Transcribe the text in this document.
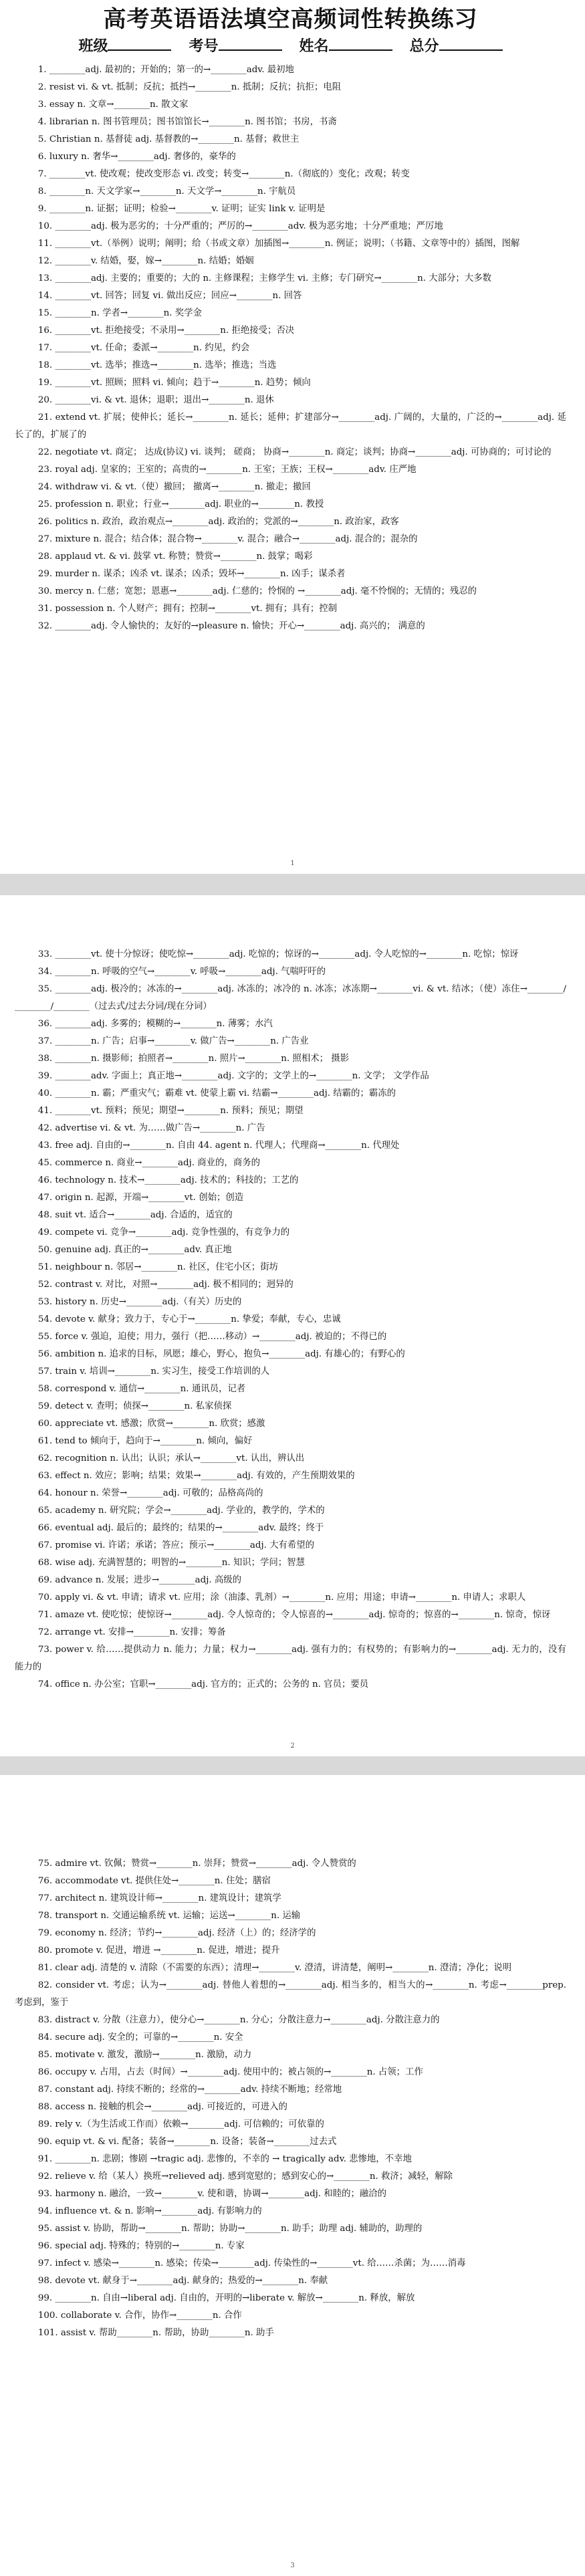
高考英语语法填空高频词性转换练习
班级	考号	姓名	总分
1. ________adj. 最初的；开始的；第一的→________adv. 最初地
2. resist vi. & vt. 抵制；反抗；抵挡→________n. 抵制；反抗；抗拒；电阻
3. essay n. 文章→________n. 散文家
4. librarian n. 图书管理员；图书馆馆长→________n. 图书馆；书房，书斋
5. Christian n. 基督徒 adj. 基督教的→________n. 基督；救世主
6. luxury n. 奢华→________adj. 奢侈的，豪华的
7. ________vt. 使改观；使改变形态 vi. 改变；转变→________n.（彻底的）变化；改观；转变
8. ________n. 天文学家→________n. 天文学→________n. 宇航员
9. ________n. 证据；证明；检验→________v. 证明；证实 link v. 证明是
10. ________adj. 极为恶劣的；十分严重的；严厉的→________adv. 极为恶劣地；十分严重地；严厉地
11. ________vt.（举例）说明；阐明；给（书或文章）加插图→________n. 例证；说明；（书籍、文章等中的）插图，图解
12. ________v. 结婚，娶，嫁→________n. 结婚；婚姻
13. ________adj. 主要的；重要的；大的 n. 主修课程；主修学生 vi. 主修；专门研究→________n. 大部分；大多数
14. ________vt. 回答；回复 vi. 做出反应；回应→________n. 回答
15. ________n. 学者→________n. 奖学金
16. ________vt. 拒绝接受；不录用→________n. 拒绝接受；否决
17. ________vt. 任命；委派→________n. 约见，约会
18. ________vt. 选举；推选→________n. 选举；推选；当选
19. ________vt. 照顾；照料 vi. 倾向；趋于→________n. 趋势；倾向
20. ________vi. & vt. 退休；退职；退出→________n. 退休
21. extend vt. 扩展；使伸长；延长→________n. 延长；延伸；扩建部分→________adj. 广阔的，大量的，广泛的→________adj. 延长了的，扩展了的
22. negotiate vt. 商定； 达成(协议) vi. 谈判； 磋商； 协商→________n. 商定；谈判；协商→________adj. 可协商的；可讨论的
23. royal adj. 皇家的；王室的；高贵的→________n. 王室；王族；王权→________adv. 庄严地
24. withdraw vi. & vt.（使）撤回； 撤离→________n. 撤走；撤回
25. profession n. 职业；行业→________adj. 职业的→________n. 教授
26. politics n. 政治，政治观点→________adj. 政治的；党派的→________n. 政治家，政客
27. mixture n. 混合；结合体；混合物→________v. 混合；融合→________adj. 混合的；混杂的
28. applaud vt. & vi. 鼓掌 vt. 称赞；赞赏→________n. 鼓掌；喝彩
29. murder n. 谋杀；凶杀 vt. 谋杀；凶杀；毁坏→________n. 凶手；谋杀者
30. mercy n. 仁慈；宽恕；恩惠→________adj. 仁慈的；怜悯的 →________adj. 毫不怜悯的；无情的；残忍的
31. possession n. 个人财产；拥有；控制→________vt. 拥有；具有；控制
32. ________adj. 令人愉快的；友好的→pleasure n. 愉快；开心→________adj. 高兴的； 满意的
1
33. ________vt. 使十分惊讶；使吃惊→________adj. 吃惊的；惊讶的→________adj. 令人吃惊的→________n. 吃惊；惊讶
34. ________n. 呼吸的空气→________v. 呼吸→________adj. 气喘吁吁的
35. ________adj. 极冷的；冰冻的→________adj. 冰冻的；冰冷的 n. 冰冻；冰冻期→________vi. & vt. 结冰；（使）冻住→________/________/________（过去式/过去分词/现在分词）
36. ________adj. 多雾的；模糊的→________n. 薄雾；水汽
37. ________n. 广告；启事→________v. 做广告→________n. 广告业
38. ________n. 摄影师；拍照者→________n. 照片→________n. 照相术； 摄影
39. ________adv. 字面上；真正地→________adj. 文字的；文学上的→________n. 文学； 文学作品
40. ________n. 霸；严重灾气；霸难 vt. 使蒙上霸 vi. 结霸→________adj. 结霸的；霸冻的
41. ________vt. 预料；预见；期望→________n. 预料；预见；期望
42. advertise vi. & vt. 为……做广告→________n. 广告
43. free adj. 自由的→________n. 自由 44. agent n. 代理人；代理商→________n. 代理处
45. commerce n. 商业→________adj. 商业的，商务的
46. technology n. 技术→________adj. 技术的；科技的；工艺的
47. origin n. 起源，开端→________vt. 创始；创造
48. suit vt. 适合→________adj. 合适的，适宜的
49. compete vi. 竞争→________adj. 竞争性强的，有竞争力的
50. genuine adj. 真正的→________adv. 真正地
51. neighbour n. 邻居→________n. 社区，住宅小区；街坊
52. contrast v. 对比，对照→________adj. 极不相同的；迥异的
53. history n. 历史→________adj.（有关）历史的
54. devote v. 献身；致力于，专心于→________n. 挚爱；奉献，专心，忠诚
55. force v. 强迫，迫使；用力，强行（把……移动）→________adj. 被迫的；不得已的
56. ambition n. 追求的目标，夙愿；雄心，野心，抱负→________adj. 有雄心的；有野心的
57. train v. 培训→________n. 实习生，接受工作培训的人
58. correspond v. 通信→________n. 通讯员，记者
59. detect v. 查明；侦探→________n. 私家侦探
60. appreciate vt. 感激；欣赏→________n. 欣赏；感激
61. tend to 倾向于，趋向于→________n. 倾向，偏好
62. recognition n. 认出；认识；承认→________vt. 认出，辨认出
63. effect n. 效应；影响；结果；效果→________adj. 有效的，产生预期效果的
64. honour n. 荣誉→________adj. 可敬的；品格高尚的
65. academy n. 研究院；学会→________adj. 学业的，教学的，学术的
66. eventual adj. 最后的；最终的；结果的→________adv. 最终；终于
67. promise vi. 许诺；承诺；答应；预示→________adj. 大有希望的
68. wise adj. 充满智慧的；明智的→________n. 知识；学问；智慧
69. advance n. 发展；进步→________adj. 高级的
70. apply vi. & vt. 申请；请求 vt. 应用；涂（油漆、乳剂）→________n. 应用；用途；申请→________n. 申请人；求职人
71. amaze vt. 使吃惊；使惊讶→________adj. 令人惊奇的；令人惊喜的→________adj. 惊奇的；惊喜的→________n. 惊奇，惊讶
72. arrange vt. 安排→________n. 安排；筹备
73. power v. 给……提供动力 n. 能力；力量；权力→________adj. 强有力的；有权势的；有影响力的→________adj. 无力的，没有能力的
74. office n. 办公室；官职→________adj. 官方的；正式的；公务的 n. 官员；要员
2
75. admire vt. 钦佩；赞赏→________n. 崇拜；赞赏→________adj. 令人赞赏的
76. accommodate vt. 提供住处→________n. 住处；膳宿
77. architect n. 建筑设计师→________n. 建筑设计；建筑学
78. transport n. 交通运输系统 vt. 运输；运送→________n. 运输
79. economy n. 经济；节约→________adj. 经济（上）的；经济学的
80. promote v. 促进，增进 →________n. 促进，增进；提升
81. clear adj. 清楚的 v. 清除（不需要的东西）；清理→________v. 澄清，讲清楚，阐明→________n. 澄清；净化；说明
82. consider vt. 考虑；认为→________adj. 替他人着想的→________adj. 相当多的，相当大的→________n. 考虑→________prep. 考虑到，鉴于
83. distract v. 分散（注意力），使分心→________n. 分心；分散注意力→________adj. 分散注意力的
84. secure adj. 安全的；可靠的→________n. 安全
85. motivate v. 激发，激励→________n. 激励，动力
86. occupy v. 占用，占去（时间）→________adj. 使用中的；被占领的→________n. 占领；工作
87. constant adj. 持续不断的；经常的→________adv. 持续不断地；经常地
88. access n. 接触的机会→________adj. 可接近的，可进入的
89. rely v.（为生活或工作而）依赖→________adj. 可信赖的；可依靠的
90. equip vt. & vi. 配备；装备→________n. 设备；装备→________过去式
91. ________n. 悲剧；惨剧 →tragic adj. 悲惨的，不幸的 → tragically adv. 悲惨地，不幸地
92. relieve v. 给（某人）换班→relieved adj. 感到宽慰的；感到安心的→________n. 救济；减轻，解除
93. harmony n. 融洽，一致→________v. 使和谐，协调→________adj. 和睦的；融洽的
94. influence vt. & n. 影响→________adj. 有影响力的
95. assist v. 协助，帮助→________n. 帮助；协助→________n. 助手；助理 adj. 辅助的，助理的
96. special adj. 特殊的；特别的→________n. 专家
97. infect v. 感染→________n. 感染；传染→________adj. 传染性的→________vt. 给……杀菌；为……消毒
98. devote vt. 献身于→________adj. 献身的；热爱的→________n. 奉献
99. ________n. 自由→liberal adj. 自由的，开明的→liberate v. 解放→________n. 释放，解放
100. collaborate v. 合作，协作→________n. 合作
101. assist v. 帮助________n. 帮助，协助________n. 助手
3
